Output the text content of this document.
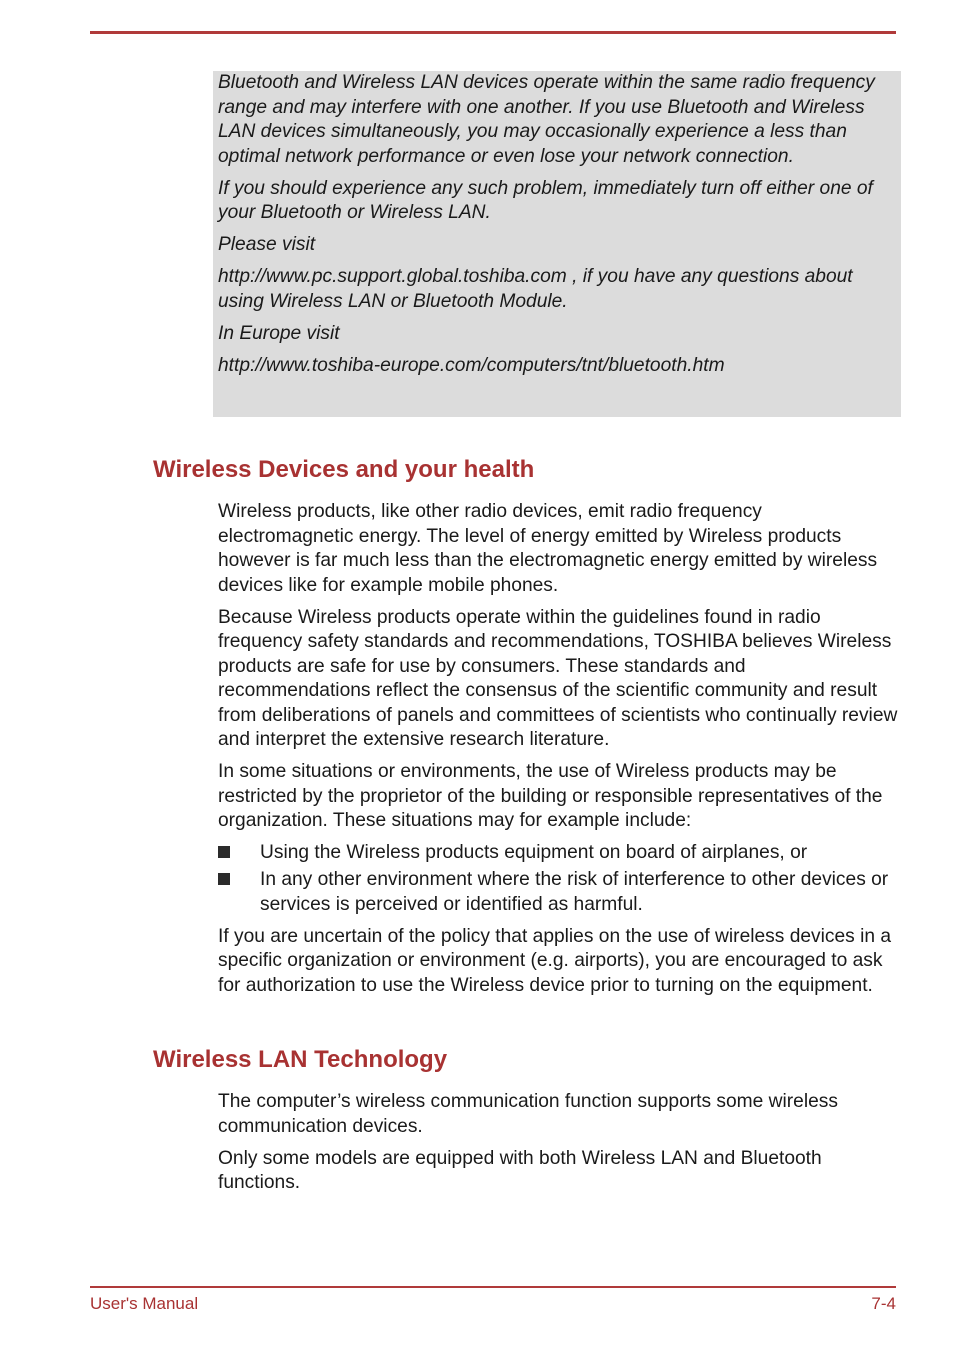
Bluetooth and Wireless LAN devices operate within the same radio frequency range and may interfere with one another. If you use Bluetooth and Wireless LAN devices simultaneously, you may occasionally experience a less than optimal network performance or even lose your network connection.

If you should experience any such problem, immediately turn off either one of your Bluetooth or Wireless LAN.

Please visit

http://www.pc.support.global.toshiba.com , if you have any questions about using Wireless LAN or Bluetooth Module.

In Europe visit

http://www.toshiba-europe.com/computers/tnt/bluetooth.htm

Wireless Devices and your health

Wireless products, like other radio devices, emit radio frequency electromagnetic energy. The level of energy emitted by Wireless products however is far much less than the electromagnetic energy emitted by wireless devices like for example mobile phones.

Because Wireless products operate within the guidelines found in radio frequency safety standards and recommendations, TOSHIBA believes Wireless products are safe for use by consumers. These standards and recommendations reflect the consensus of the scientific community and result from deliberations of panels and committees of scientists who continually review and interpret the extensive research literature.

In some situations or environments, the use of Wireless products may be restricted by the proprietor of the building or responsible representatives of the organization. These situations may for example include:

Using the Wireless products equipment on board of airplanes, or
In any other environment where the risk of interference to other devices or services is perceived or identified as harmful.

If you are uncertain of the policy that applies on the use of wireless devices in a specific organization or environment (e.g. airports), you are encouraged to ask for authorization to use the Wireless device prior to turning on the equipment.

Wireless LAN Technology

The computer’s wireless communication function supports some wireless communication devices.

Only some models are equipped with both Wireless LAN and Bluetooth functions.

User's Manual	7-4
